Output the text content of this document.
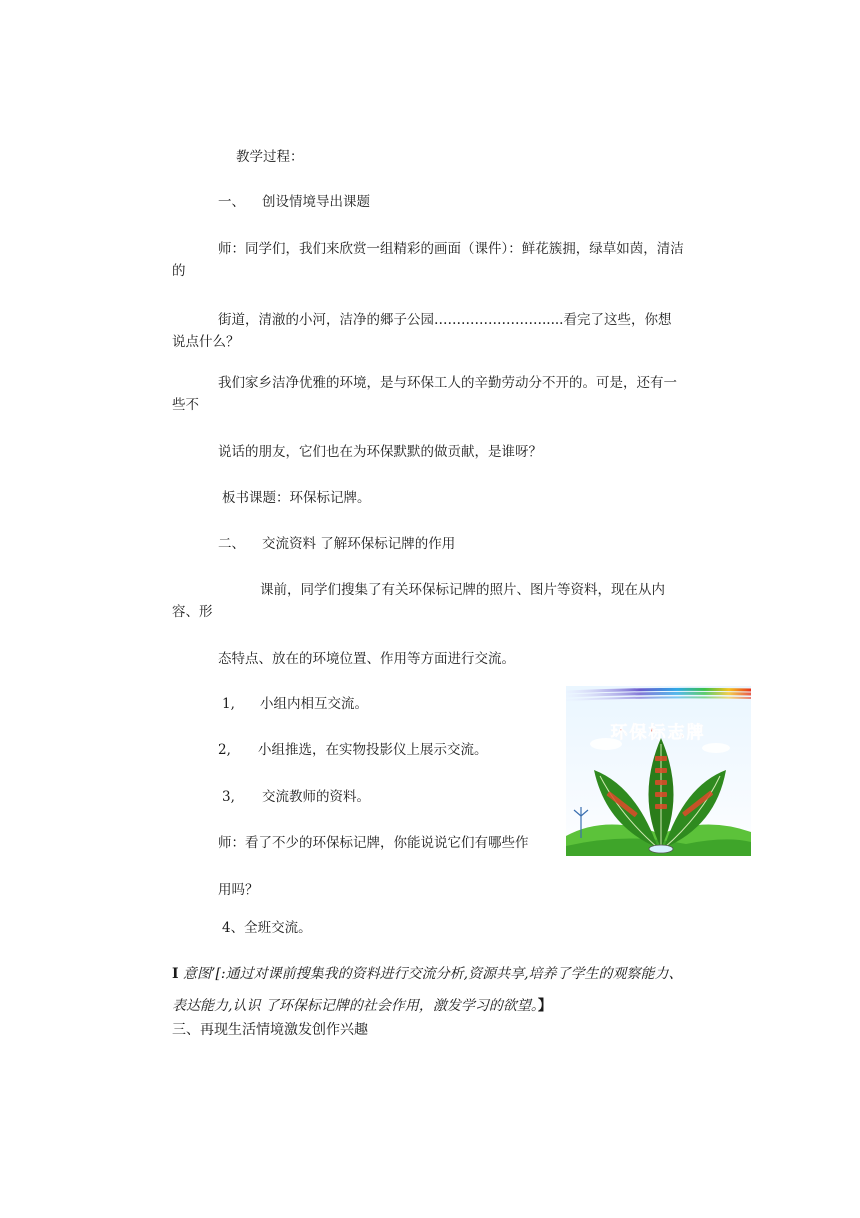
教学过程：

一、 创设情境导出课题

师：同学们，我们来欣赏一组精彩的画面（课件）：鲜花簇拥，绿草如茵，清洁的

街道，清澈的小河，洁净的郷子公园…………………….....看完了这些，你想说点什么？

我们家乡洁净优雅的环境，是与环保工人的辛勤劳动分不开的。可是，还有一些不

说话的朋友，它们也在为环保默默的做贡献，是谁呀？

板书课题：环保标记牌。

二、 交流资料 了解环保标记牌的作用

课前，同学们搜集了有关环保标记牌的照片、图片等资料，现在从内容、形

态特点、放在的环境位置、作用等方面进行交流。

1, 小组内相互交流。

2, 小组推选，在实物投影仪上展示交流。

3, 交流教师的资料。

师：看了不少的环保标记牌，你能说说它们有哪些作

用吗？

4、全班交流。

I 意图’[:通过对课前搜集我的资料进行交流分析,资源共享,培养了学生的观察能力、表达能力,认识 了环保标记牌的社会作用，激发学习的欲望。】

三、再现生活情境激发创作兴趣

环保标志牌
